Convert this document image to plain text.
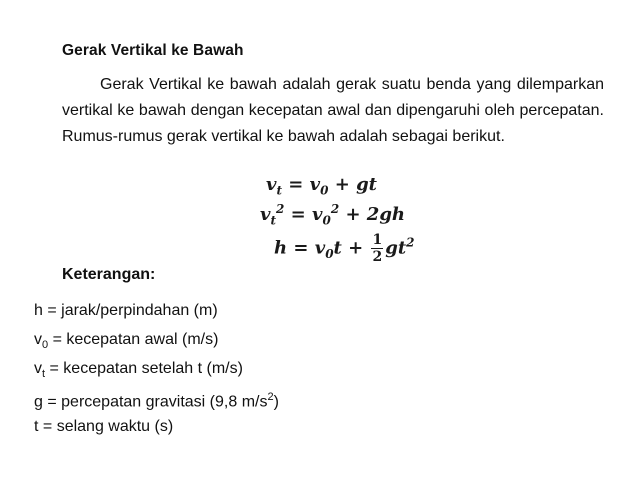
Gerak Vertikal ke Bawah
Gerak Vertikal ke bawah adalah gerak suatu benda yang dilemparkan vertikal ke bawah dengan kecepatan awal dan dipengaruhi oleh percepatan. Rumus-rumus gerak vertikal ke bawah adalah sebagai berikut.
$v_t = v_0$ + gt
$v_t^2 = v_0^2 + 2gh$
$h = v_0t + \frac{1}{2} gt^2$
Keterangan:
h = jarak/perpindahan (m)
$v_0$ = kecepatan awal (m/s)
$v_t$ = kecepatan setelah t (m/s)
g = percepatan gravitasi (9,8 $m/s^2$)
t = selang waktu (s)
